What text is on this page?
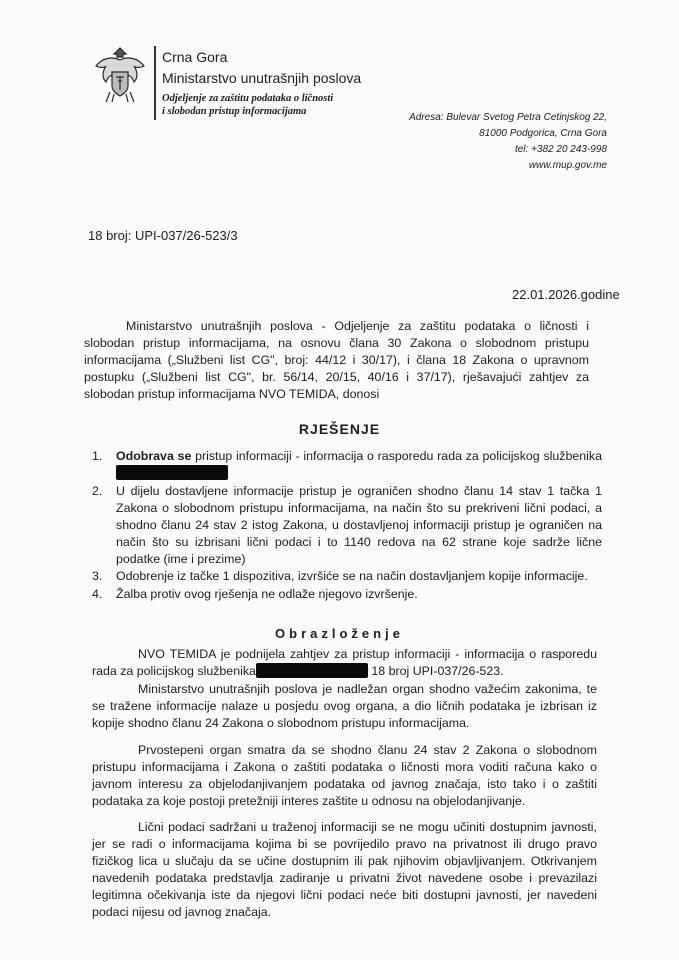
Crna Gora
Ministarstvo unutrašnjih poslova
Odjeljenje za zaštitu podataka o ličnosti
i slobodan pristup informacijama
Adresa: Bulevar Svetog Petra Cetinjskog 22,
81000 Podgorica, Crna Gora
tel: +382 20 243-998
www.mup.gov.me
18 broj: UPI-037/26-523/3
22.01.2026.godine
Ministarstvo unutrašnjih poslova - Odjeljenje za zaštitu podataka o ličnosti i slobodan pristup informacijama, na osnovu člana 30 Zakona o slobodnom pristupu informacijama („Službeni list CG", broj: 44/12 i 30/17), i člana 18 Zakona o upravnom postupku („Službeni list CG", br. 56/14, 20/15, 40/16 i 37/17), rješavajući zahtjev za slobodan pristup informacijama NVO TEMIDA, donosi
RJEŠENJE
1. Odobrava se pristup informaciji - informacija o rasporedu rada za policijskog službenika
2. U dijelu dostavljene informacije pristup je ograničen shodno članu 14 stav 1 tačka 1 Zakona o slobodnom pristupu informacijama, na način što su prekriveni lični podaci, a shodno članu 24 stav 2 istog Zakona, u dostavljenoj informaciji pristup je ograničen na način što su izbrisani lični podaci i to 1140 redova na 62 strane koje sadrže lične podatke (ime i prezime)
3. Odobrenje iz tačke 1 dispozitiva, izvršiće se na način dostavljanjem kopije informacije.
4. Žalba protiv ovog rješenja ne odlaže njegovo izvršenje.
Obrazloženje
NVO TEMIDA je podnijela zahtjev za pristup informaciji - informacija o rasporedu rada za policijskog službenika	18 broj UPI-037/26-523.
Ministarstvo unutrašnjih poslova je nadležan organ shodno važećim zakonima, te se tražene informacije nalaze u posjedu ovog organa, a dio ličnih podataka je izbrisan iz kopije shodno članu 24 Zakona o slobodnom pristupu informacijama.
Prvostepeni organ smatra da se shodno članu 24 stav 2 Zakona o slobodnom pristupu informacijama i Zakona o zaštiti podataka o ličnosti mora voditi računa kako o javnom interesu za objelodanjivanjem podataka od javnog značaja, isto tako i o zaštiti podataka za koje postoji pretežniji interes zaštite u odnosu na objelodanjivanje.
Lični podaci sadržani u traženoj informaciji se ne mogu učiniti dostupnim javnosti, jer se radi o informacijama kojima bi se povrijedilo pravo na privatnost ili drugo pravo fizičkog lica u slučaju da se učine dostupnim ili pak njihovim objavljivanjem. Otkrivanjem navedenih podataka predstavlja zadiranje u privatni život navedene osobe i prevazilazi legitimna očekivanja iste da njegovi lični podaci neće biti dostupni javnosti, jer navedeni podaci nijesu od javnog značaja.
